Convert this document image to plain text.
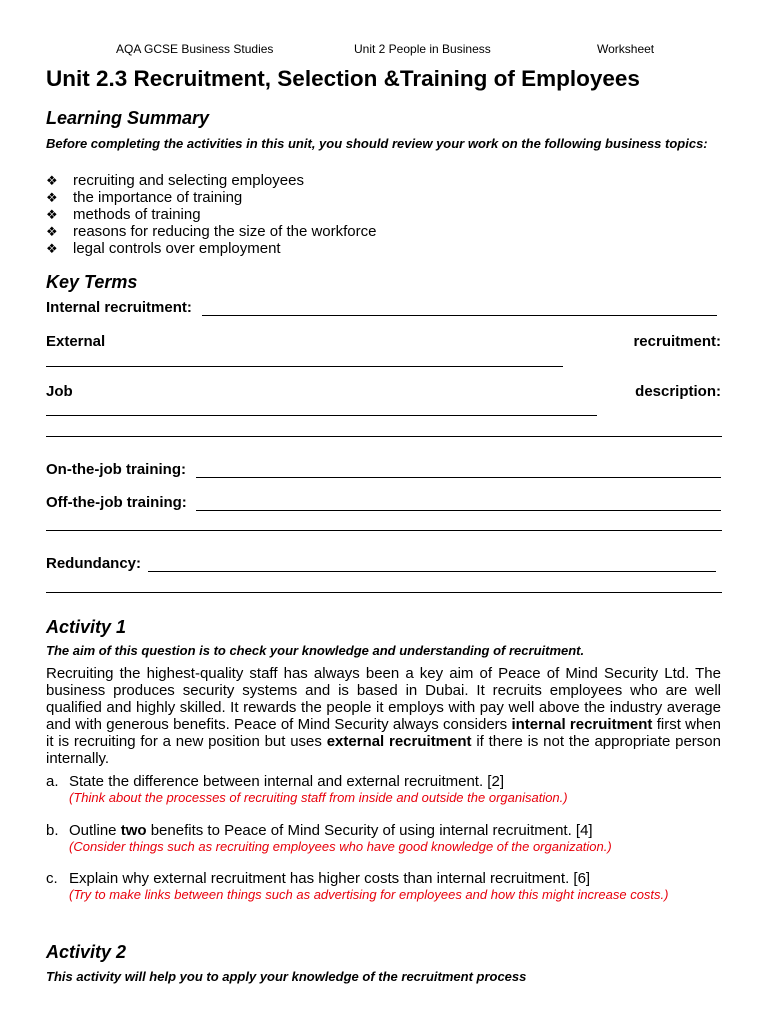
AQA GCSE Business Studies	Unit 2 People in Business	Worksheet
Unit 2.3 Recruitment, Selection &Training of Employees
Learning Summary
Before completing the activities in this unit, you should review your work on the following business topics:
❖	recruiting and selecting employees
❖	the importance of training
❖	methods of training
❖	reasons for reducing the size of the workforce
❖	legal controls over employment
Key Terms
Internal recruitment:
External	recruitment:
Job	description:
On-the-job training:
Off-the-job training:
Redundancy:
Activity 1
The aim of this question is to check your knowledge and understanding of recruitment.
Recruiting the highest-quality staff has always been a key aim of Peace of Mind Security Ltd. The business produces security systems and is based in Dubai. It recruits employees who are well qualified and highly skilled. It rewards the people it employs with pay well above the industry average and with generous benefits. Peace of Mind Security always considers internal recruitment first when it is recruiting for a new position but uses external recruitment if there is not the appropriate person internally.
a. State the difference between internal and external recruitment. [2]
(Think about the processes of recruiting staff from inside and outside the organisation.)
b. Outline two benefits to Peace of Mind Security of using internal recruitment. [4]
(Consider things such as recruiting employees who have good knowledge of the organization.)
c. Explain why external recruitment has higher costs than internal recruitment. [6]
(Try to make links between things such as advertising for employees and how this might increase costs.)
Activity 2
This activity will help you to apply your knowledge of the recruitment process
